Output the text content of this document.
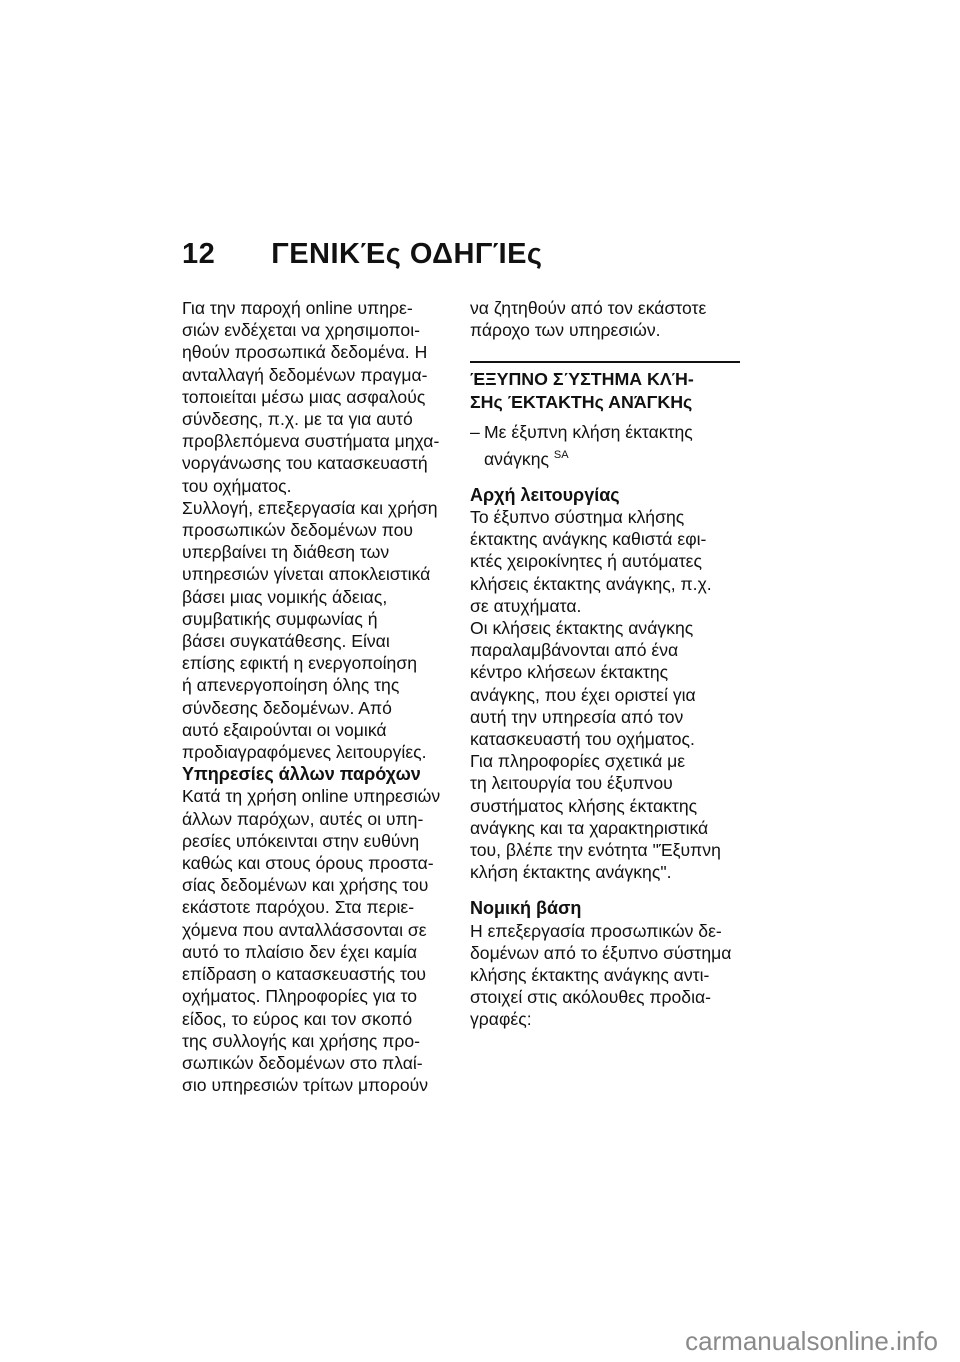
12 ΓΕΝΙΚΈς ΟΔΗΓΊΕς

Για την παροχή online υπηρε-
σιών ενδέχεται να χρησιμοποι-
ηθούν προσωπικά δεδομένα. Η
ανταλλαγή δεδομένων πραγμα-
τοποιείται μέσω μιας ασφαλούς
σύνδεσης, π.χ. με τα για αυτό
προβλεπόμενα συστήματα μηχα-
νοργάνωσης του κατασκευαστή
του οχήματος.

Συλλογή, επεξεργασία και χρήση
προσωπικών δεδομένων που
υπερβαίνει τη διάθεση των
υπηρεσιών γίνεται αποκλειστικά
βάσει μιας νομικής άδειας,
συμβατικής συμφωνίας ή
βάσει συγκατάθεσης. Είναι
επίσης εφικτή η ενεργοποίηση
ή απενεργοποίηση όλης της
σύνδεσης δεδομένων. Από
αυτό εξαιρούνται οι νομικά
προδιαγραφόμενες λειτουργίες.

Υπηρεσίες άλλων παρόχων

Κατά τη χρήση online υπηρεσιών
άλλων παρόχων, αυτές οι υπη-
ρεσίες υπόκεινται στην ευθύνη
καθώς και στους όρους προστα-
σίας δεδομένων και χρήσης του
εκάστοτε παρόχου. Στα περιε-
χόμενα που ανταλλάσσονται σε
αυτό το πλαίσιο δεν έχει καμία
επίδραση ο κατασκευαστής του
οχήματος. Πληροφορίες για το
είδος, το εύρος και τον σκοπό
της συλλογής και χρήσης προ-
σωπικών δεδομένων στο πλαί-
σιο υπηρεσιών τρίτων μπορούν

να ζητηθούν από τον εκάστοτε
πάροχο των υπηρεσιών.

ΈΞΥΠΝΟ ΣΎΣΤΗΜΑ ΚΛΉ-
ΣΗς ΈΚΤΑΚΤΗς ΑΝΆΓΚΗς
– Με έξυπνη κλήση έκτακτης
ανάγκης $^{SA}$
Αρχή λειτουργίας

Το έξυπνο σύστημα κλήσης
έκτακτης ανάγκης καθιστά εφι-
κτές χειροκίνητες ή αυτόματες
κλήσεις έκτακτης ανάγκης, π.χ.
σε ατυχήματα.

Οι κλήσεις έκτακτης ανάγκης
παραλαμβάνονται από ένα
κέντρο κλήσεων έκτακτης
ανάγκης, που έχει οριστεί για
αυτή την υπηρεσία από τον
κατασκευαστή του οχήματος.

Για πληροφορίες σχετικά με
τη λειτουργία του έξυπνου
συστήματος κλήσης έκτακτης
ανάγκης και τα χαρακτηριστικά
του, βλέπε την ενότητα "Έξυπνη
κλήση έκτακτης ανάγκης".

Νομική βάση

Η επεξεργασία προσωπικών δε-
δομένων από το έξυπνο σύστημα
κλήσης έκτακτης ανάγκης αντι-
στοιχεί στις ακόλουθες προδια-
γραφές:

carmanualsonline.info
